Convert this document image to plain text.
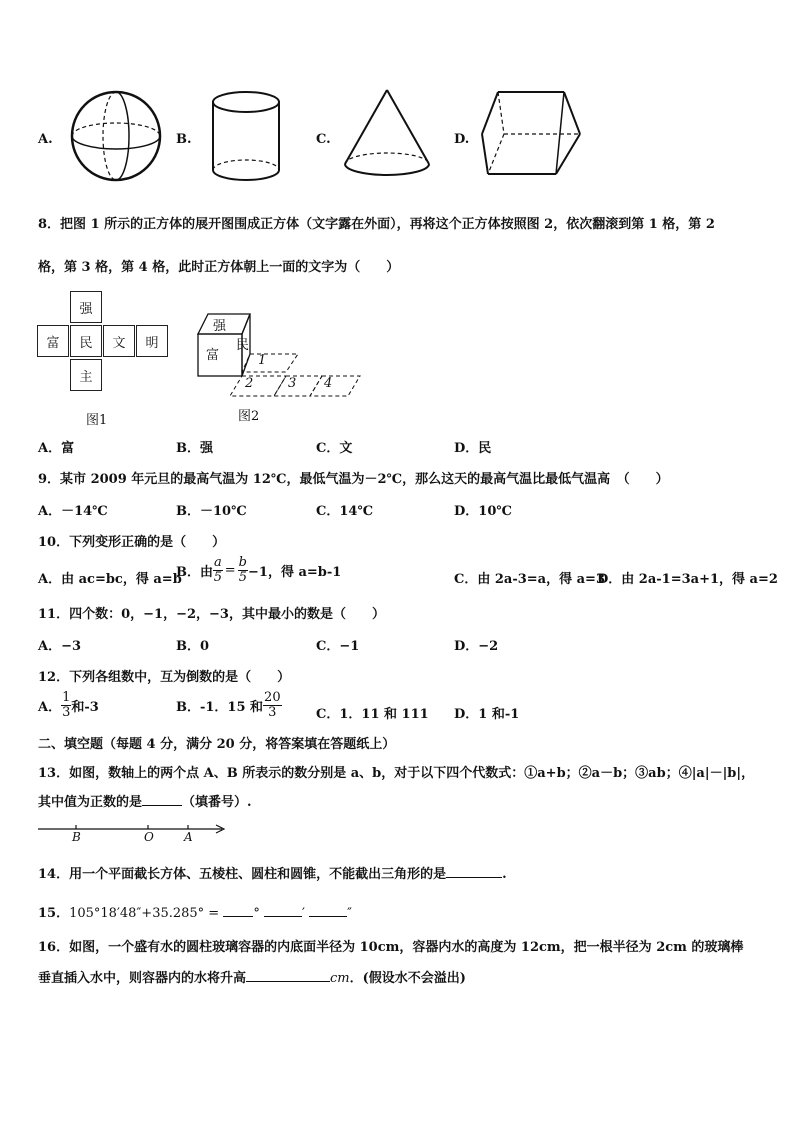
A.	B.	C.	D.
8．把图 1 所示的正方体的展开图围成正方体（文字露在外面），再将这个正方体按照图 2，依次翻滚到第 1 格，第 2
格，第 3 格，第 4 格，此时正方体朝上一面的文字为（　　）
强
富	民	文	明
主
图1
强
富
民
1
2	3 4
图2
A．富	B．强	C．文	D．民
9．某市 2009 年元旦的最高气温为 12℃，最低气温为－2℃，那么这天的最高气温比最低气温高　（　　）
A．－14℃	B．－10℃	C．14℃	D．10℃
10．下列变形正确的是（　　）
A．由 ac=bc，得 a=b
B．由 $\frac{a}{5} = \frac{b}{5} -1$，得 a=b-1	C．由 2a-3=a，得 a=3
D．由 2a-1=3a+1，得 a=2
11．四个数：0，−1，−2，−3，其中最小的数是（　　）
A．−3	B．0	C．−1	D．−2
12．下列各组数中，互为倒数的是（　　）
A． $\frac{1}{3}$ 和-3	B．-1．15 和 $\frac{20}{3}$	C．1．11 和 111 D．1 和-1
二、填空题（每题 4 分，满分 20 分，将答案填在答题纸上）
13．如图，数轴上的两个点 A、B 所表示的数分别是 a、b，对于以下四个代数式：①a+b；②a－b；③ab；④|a|－|b|，
其中值为正数的是	（填番号）.
B	O	A
14．用一个平面截长方体、五棱柱、圆柱和圆锥，不能截出三角形的是	.
15．105°18′48″+35.285° =	°	′	″
16．如图，一个盛有水的圆柱玻璃容器的内底面半径为 10cm，容器内水的高度为 12cm，把一根半径为 2cm 的玻璃棒
垂直插入水中，则容器内的水将升高	cm．(假设水不会溢出)
